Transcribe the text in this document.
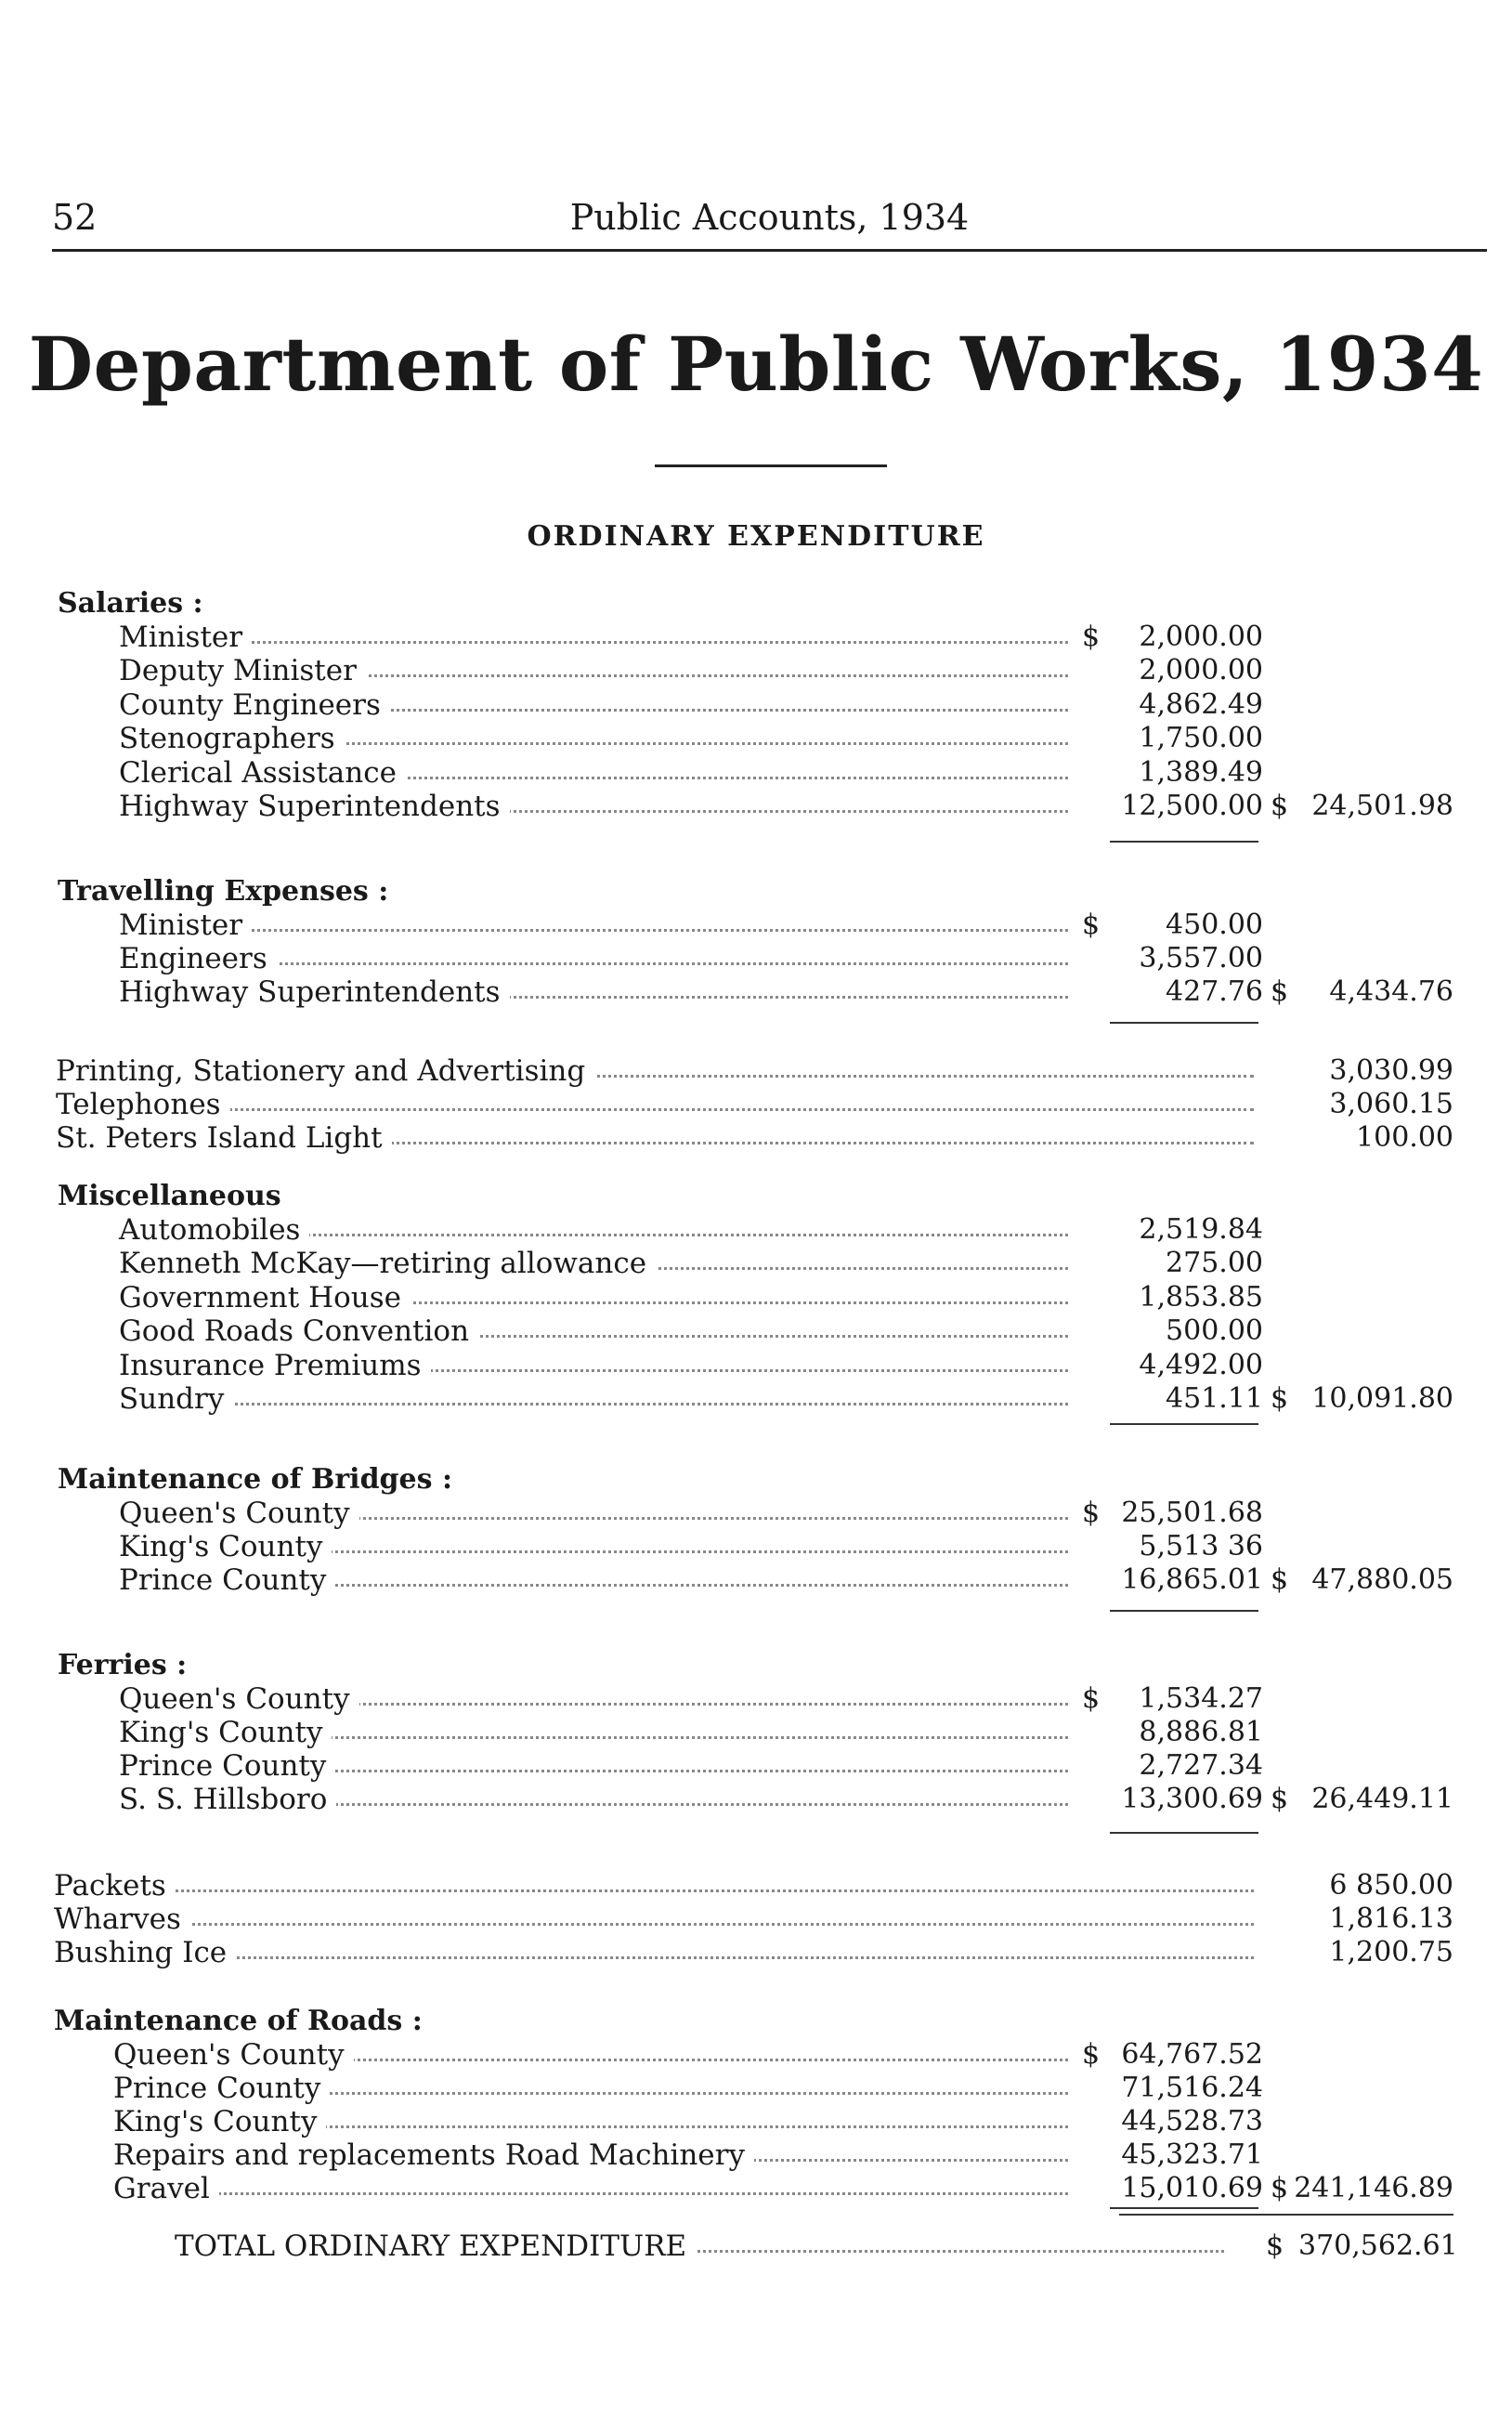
52	Public Accounts, 1934
Department of Public Works, 1934
ORDINARY EXPENDITURE
Salaries :
Minister	$	2,000.00
Deputy Minister	2,000.00
County Engineers	4,862.49
Stenographers	1,750.00
Clerical Assistance	1,389.49
Highway Superintendents	12,500.00 $ 24,501.98
Travelling Expenses :
Minister	$	450.00
Engineers	3,557.00
Highway Superintendents	427.76 $	4,434.76
Printing, Stationery and Advertising	3,030.99
Telephones	3,060.15
St. Peters Island Light	100.00
Miscellaneous
Automobiles	2,519.84
Kenneth McKay—retiring allowance	275.00
Government House	1,853.85
Good Roads Convention	500.00
Insurance Premiums	4,492.00
Sundry	451.11 $ 10,091.80
Maintenance of Bridges :
Queen's County	$ 25,501.68
King's County	5,513 36
Prince County	16,865.01 $ 47,880.05
Ferries :
Queen's County	$	1,534.27
King's County	8,886.81
Prince County	2,727.34
S. S. Hillsboro	13,300.69 $ 26,449.11
Packets	6 850.00
Wharves	1,816.13
Bushing Ice	1,200.75
Maintenance of Roads :
Queen's County	$ 64,767.52
Prince County	71,516.24
King's County	44,528.73
Repairs and replacements Road Machinery	45,323.71
Gravel	15,010.69 $ 241,146.89
TOTAL ORDINARY EXPENDITURE	$ 370,562.61
